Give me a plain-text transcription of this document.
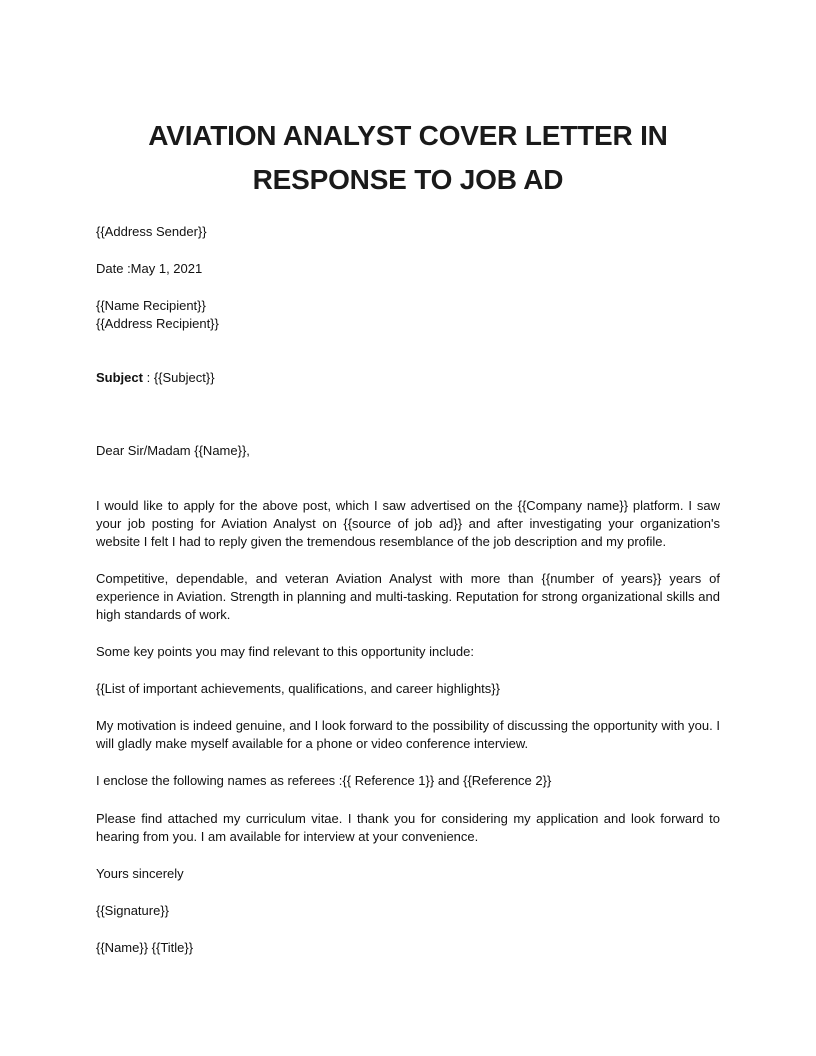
AVIATION ANALYST COVER LETTER IN
RESPONSE TO JOB AD
{{Address Sender}}
Date :May 1, 2021
{{Name Recipient}}
{{Address Recipient}}
Subject : {{Subject}}
Dear Sir/Madam {{Name}},
I would like to apply for the above post, which I saw advertised on the {{Company name}} platform. I saw your job posting for Aviation Analyst on {{source of job ad}} and after investigating your organization's website I felt I had to reply given the tremendous resemblance of the job description and my profile.
Competitive, dependable, and veteran Aviation Analyst with more than {{number of years}} years of experience in Aviation. Strength in planning and multi-tasking. Reputation for strong organizational skills and high standards of work.
Some key points you may find relevant to this opportunity include:
{{List of important achievements, qualifications, and career highlights}}
My motivation is indeed genuine, and I look forward to the possibility of discussing the opportunity with you. I will gladly make myself available for a phone or video conference interview.
I enclose the following names as referees :{{ Reference 1}} and {{Reference 2}}
Please find attached my curriculum vitae. I thank you for considering my application and look forward to hearing from you. I am available for interview at your convenience.
Yours sincerely
{{Signature}}
{{Name}} {{Title}}
